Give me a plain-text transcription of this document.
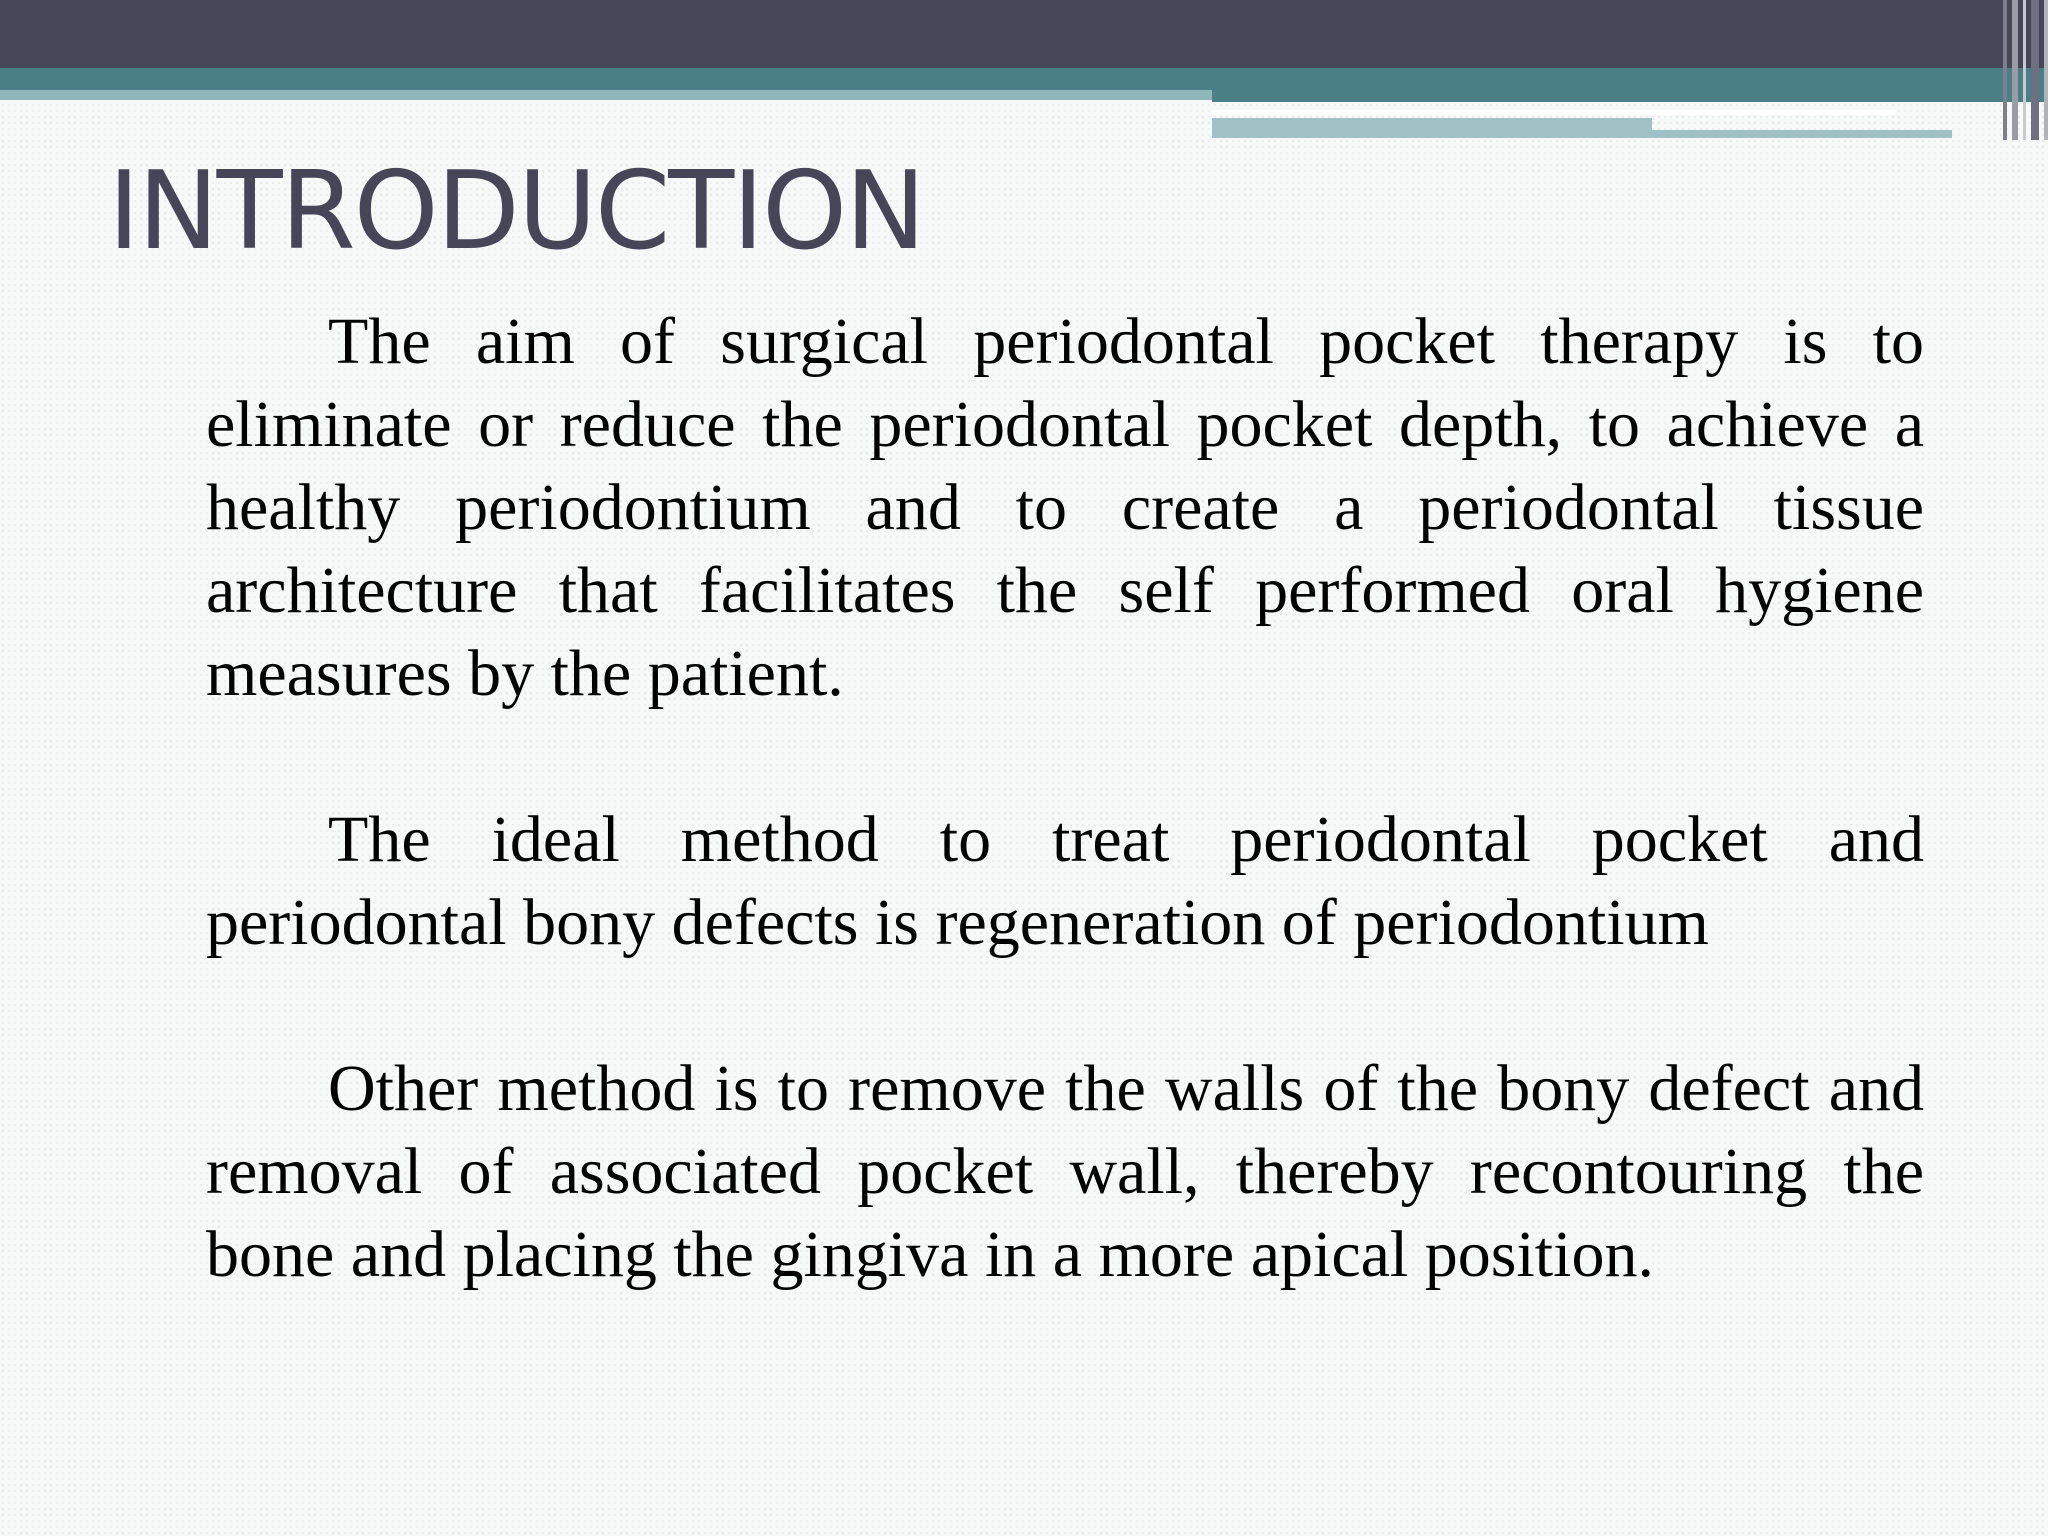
INTRODUCTION

The aim of surgical periodontal pocket therapy is to eliminate or reduce the periodontal pocket depth, to achieve a healthy periodontium and to create a periodontal tissue architecture that facilitates the self performed oral hygiene measures by the patient.

The ideal method to treat periodontal pocket and periodontal bony defects is regeneration of periodontium

Other method is to remove the walls of the bony defect and removal of associated pocket wall, thereby recontouring the bone and placing the gingiva in a more apical position.
